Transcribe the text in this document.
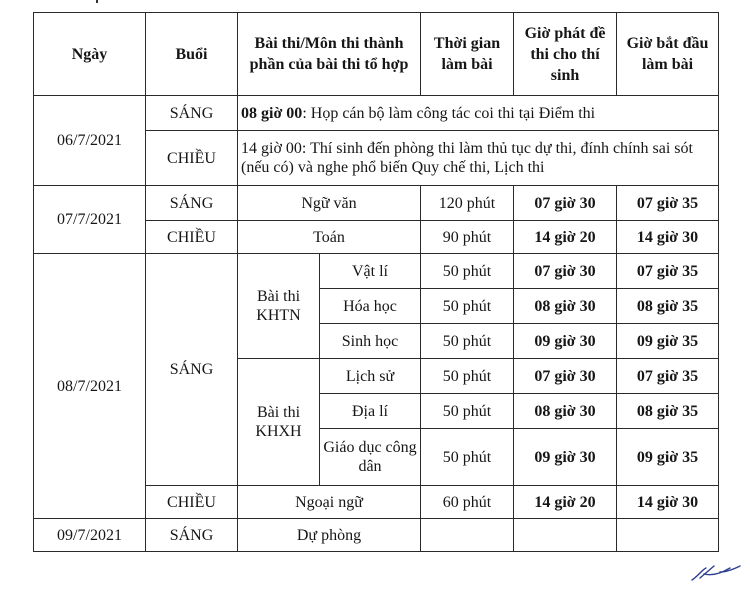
Ngày	Buổi	Bài thi/Môn thi thành phần của bài thi tổ hợp		Thời gian làm bài	Giờ phát đề thi cho thí sinh	Giờ bắt đầu làm bài
06/7/2021	SÁNG	08 giờ 00: Họp cán bộ làm công tác coi thi tại Điểm thi				
	CHIỀU	14 giờ 00: Thí sinh đến phòng thi làm thủ tục dự thi, đính chính sai sót (nếu có) và nghe phổ biến Quy chế thi, Lịch thi				
07/7/2021	SÁNG	Ngữ văn		120 phút	07 giờ 30	07 giờ 35
	CHIỀU	Toán		90 phút	14 giờ 20	14 giờ 30
08/7/2021	SÁNG	Bài thi KHTN	Vật lí	50 phút	07 giờ 30	07 giờ 35
			Hóa học	50 phút	08 giờ 30	08 giờ 35
			Sinh học	50 phút	09 giờ 30	09 giờ 35
		Bài thi KHXH	Lịch sử	50 phút	07 giờ 30	07 giờ 35
			Địa lí	50 phút	08 giờ 30	08 giờ 35
			Giáo dục công dân	50 phút	09 giờ 30	09 giờ 35
	CHIỀU	Ngoại ngữ		60 phút	14 giờ 20	14 giờ 30
09/7/2021	SÁNG	Dự phòng				
